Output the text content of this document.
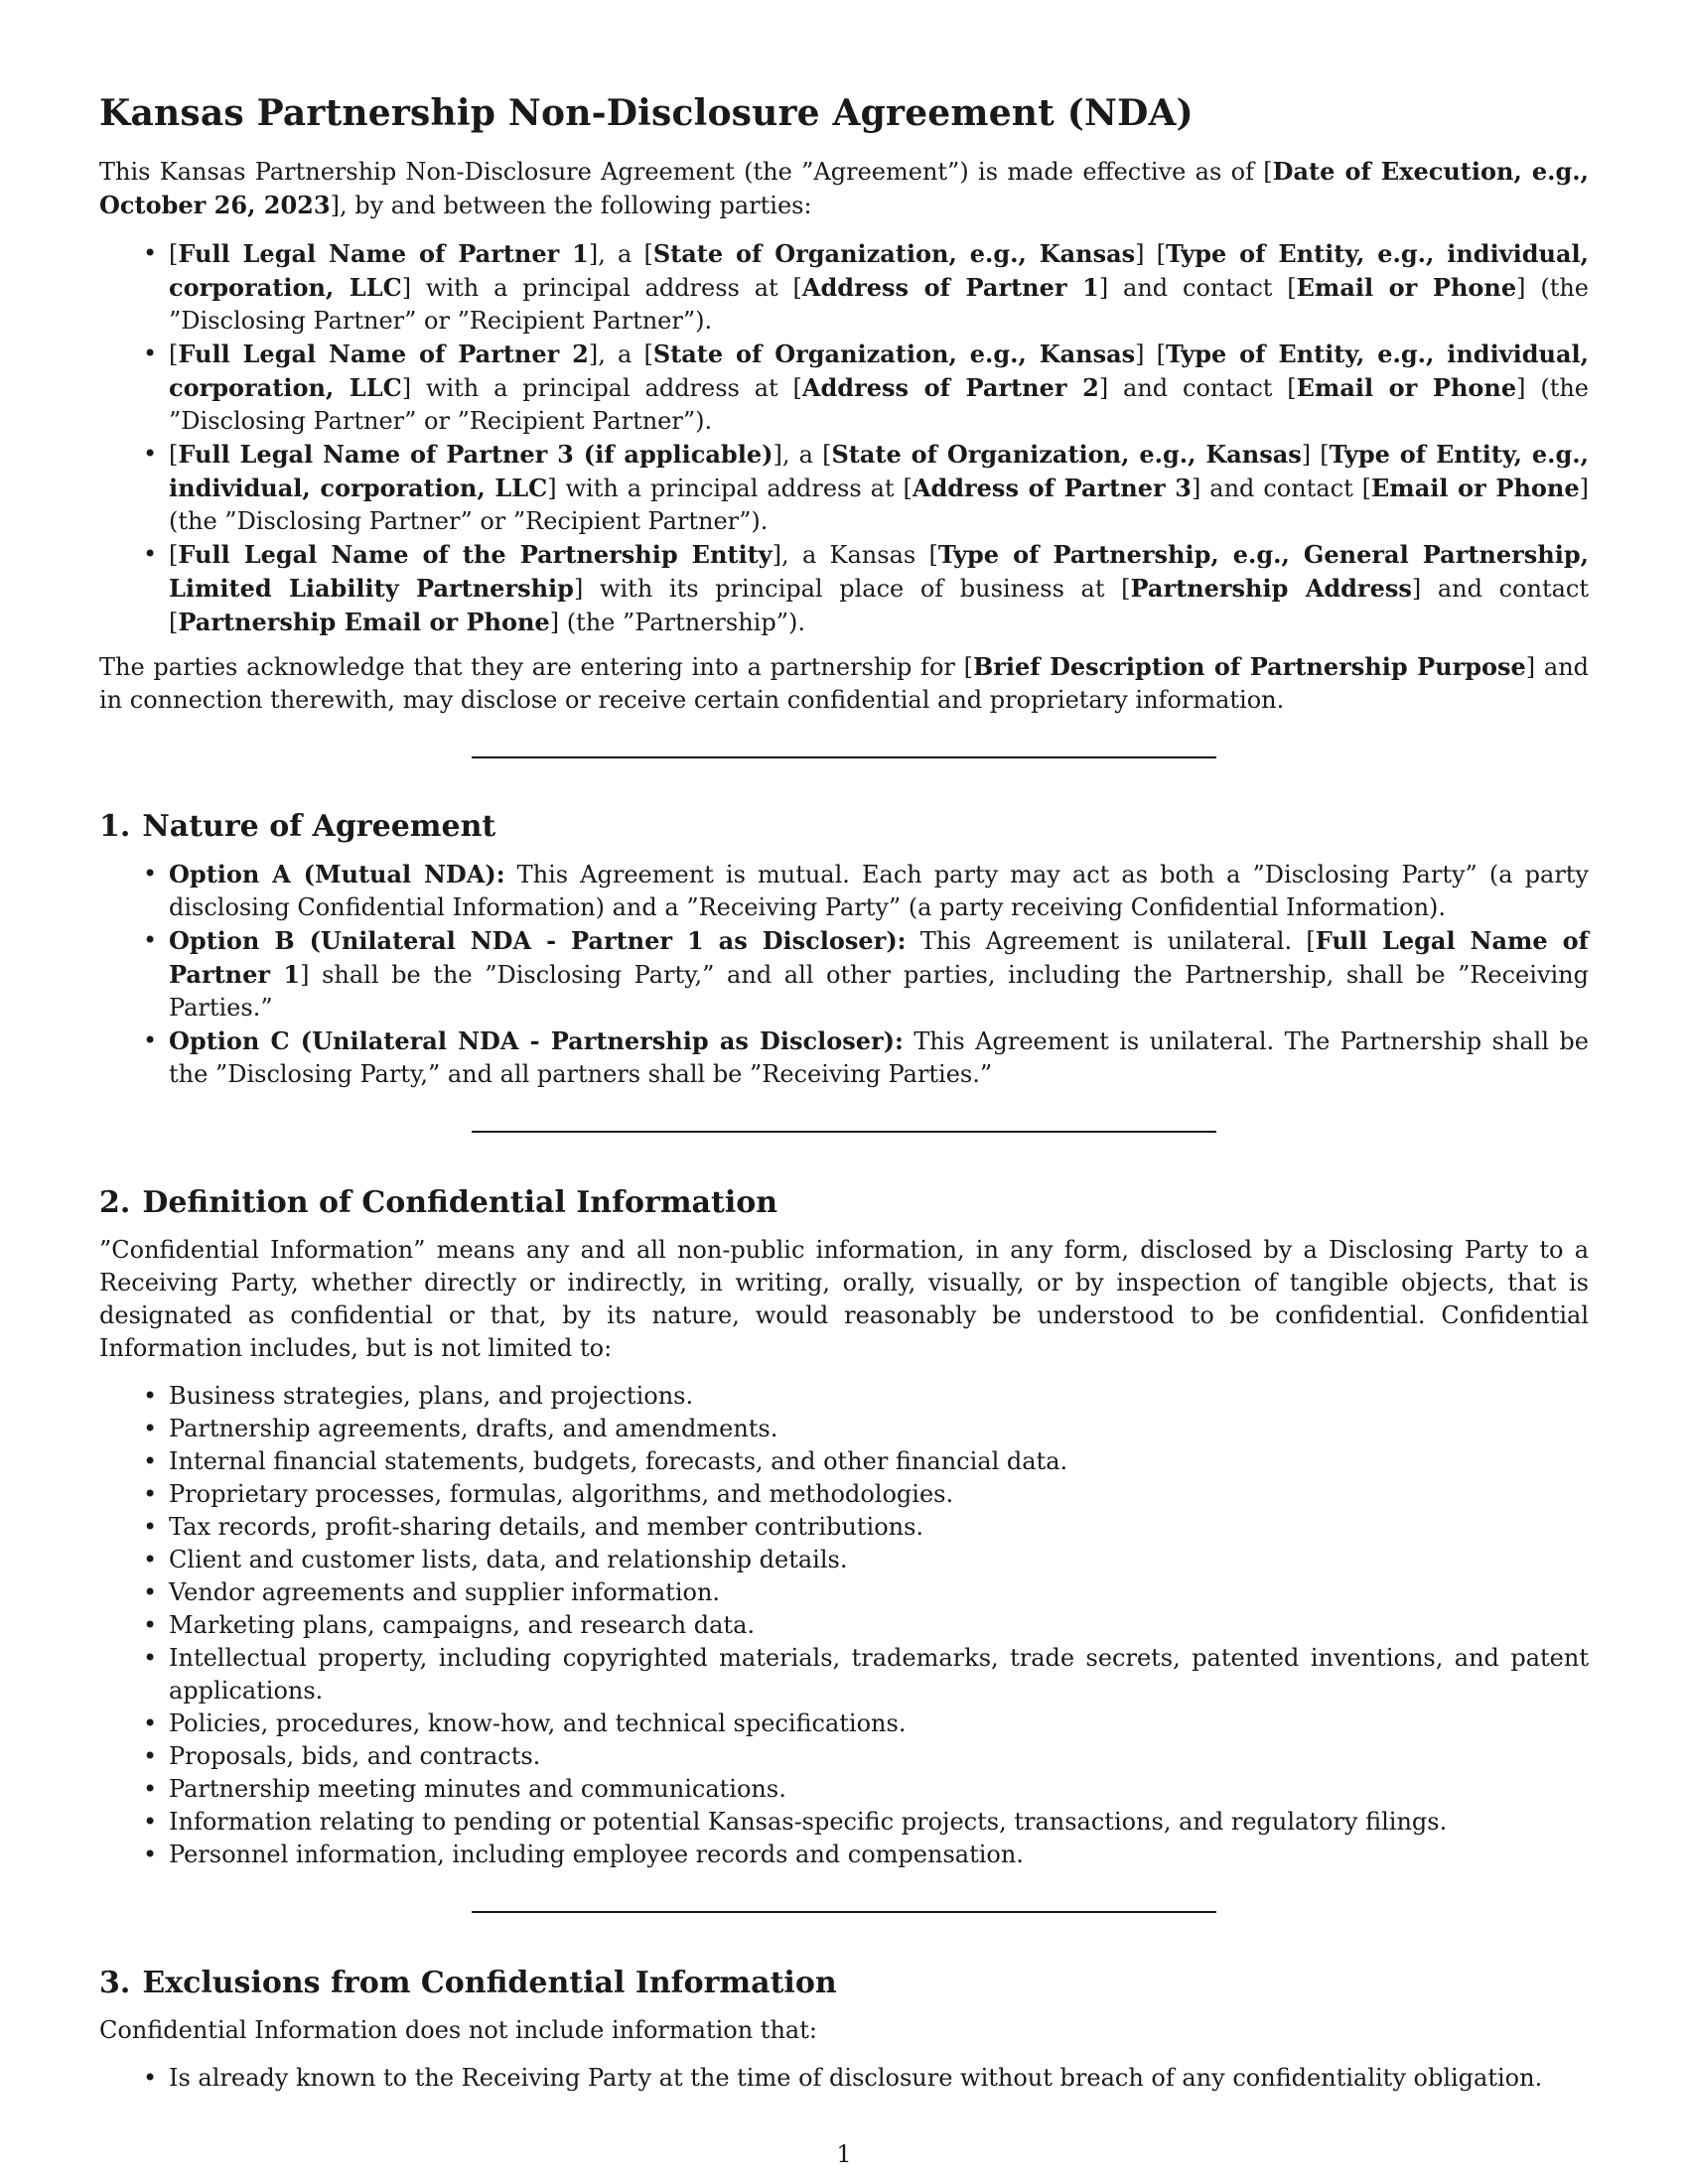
Kansas Partnership Non-Disclosure Agreement (NDA)

This Kansas Partnership Non-Disclosure Agreement (the ”Agreement”) is made effective as of [Date of Execution, e.g., October 26, 2023], by and between the following parties:

• [Full Legal Name of Partner 1], a [State of Organization, e.g., Kansas] [Type of Entity, e.g., individual, corporation, LLC] with a principal address at [Address of Partner 1] and contact [Email or Phone] (the ”Disclosing Partner” or ”Recipient Partner”).
• [Full Legal Name of Partner 2], a [State of Organization, e.g., Kansas] [Type of Entity, e.g., individual, corporation, LLC] with a principal address at [Address of Partner 2] and contact [Email or Phone] (the ”Disclosing Partner” or ”Recipient Partner”).
• [Full Legal Name of Partner 3 (if applicable)], a [State of Organization, e.g., Kansas] [Type of Entity, e.g., individual, corporation, LLC] with a principal address at [Address of Partner 3] and contact [Email or Phone] (the ”Disclosing Partner” or ”Recipient Partner”).
• [Full Legal Name of the Partnership Entity], a Kansas [Type of Partnership, e.g., General Partnership, Limited Liability Partnership] with its principal place of business at [Partnership Address] and contact [Partnership Email or Phone] (the ”Partnership”).

The parties acknowledge that they are entering into a partnership for [Brief Description of Partnership Purpose] and in connection therewith, may disclose or receive certain confidential and proprietary information.

1. Nature of Agreement
• Option A (Mutual NDA): This Agreement is mutual. Each party may act as both a ”Disclosing Party” (a party disclosing Confidential Information) and a ”Receiving Party” (a party receiving Confidential Information).
• Option B (Unilateral NDA - Partner 1 as Discloser): This Agreement is unilateral. [Full Legal Name of Partner 1] shall be the ”Disclosing Party,” and all other parties, including the Partnership, shall be ”Receiving Parties.”
• Option C (Unilateral NDA - Partnership as Discloser): This Agreement is unilateral. The Partnership shall be the ”Disclosing Party,” and all partners shall be ”Receiving Parties.”
2. Definition of Confidential Information

”Confidential Information” means any and all non-public information, in any form, disclosed by a Disclosing Party to a Receiving Party, whether directly or indirectly, in writing, orally, visually, or by inspection of tangible objects, that is designated as confidential or that, by its nature, would reasonably be understood to be confidential. Confidential Information includes, but is not limited to:

• Business strategies, plans, and projections.
• Partnership agreements, drafts, and amendments.
• Internal financial statements, budgets, forecasts, and other financial data.
• Proprietary processes, formulas, algorithms, and methodologies.
• Tax records, profit-sharing details, and member contributions.
• Client and customer lists, data, and relationship details.
• Vendor agreements and supplier information.
• Marketing plans, campaigns, and research data.
• Intellectual property, including copyrighted materials, trademarks, trade secrets, patented inventions, and patent applications.
• Policies, procedures, know-how, and technical specifications.
• Proposals, bids, and contracts.
• Partnership meeting minutes and communications.
• Information relating to pending or potential Kansas-specific projects, transactions, and regulatory filings.
• Personnel information, including employee records and compensation.
3. Exclusions from Confidential Information

Confidential Information does not include information that:

• Is already known to the Receiving Party at the time of disclosure without breach of any confidentiality obligation.
1
